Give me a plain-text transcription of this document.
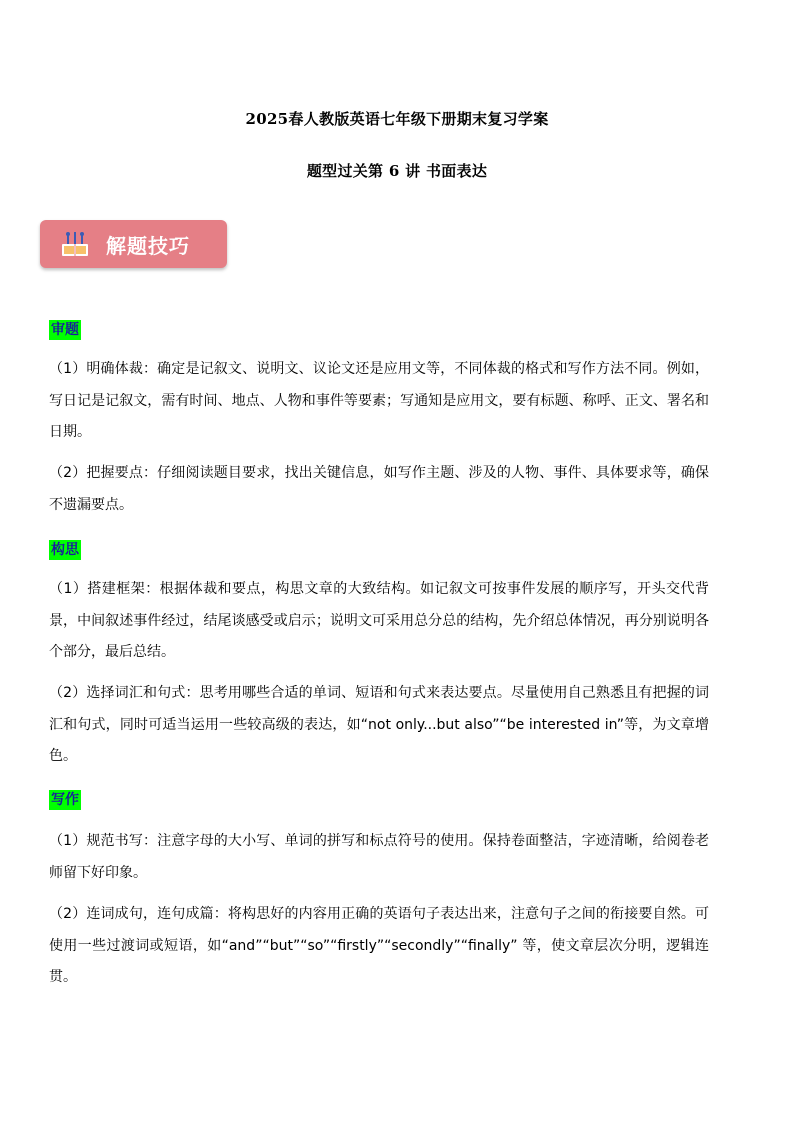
2025春人教版英语七年级下册期末复习学案
题型过关第 6 讲 书面表达
解题技巧
审题
（1）明确体裁：确定是记叙文、说明文、议论文还是应用文等，不同体裁的格式和写作方法不同。例如，写日记是记叙文，需有时间、地点、人物和事件等要素；写通知是应用文，要有标题、称呼、正文、署名和日期。
（2）把握要点：仔细阅读题目要求，找出关键信息，如写作主题、涉及的人物、事件、具体要求等，确保不遗漏要点。
构思
（1）搭建框架：根据体裁和要点，构思文章的大致结构。如记叙文可按事件发展的顺序写，开头交代背景，中间叙述事件经过，结尾谈感受或启示；说明文可采用总分总的结构，先介绍总体情况，再分别说明各个部分，最后总结。
（2）选择词汇和句式：思考用哪些合适的单词、短语和句式来表达要点。尽量使用自己熟悉且有把握的词汇和句式，同时可适当运用一些较高级的表达，如“not only...but also”“be interested in”等，为文章增色。
写作
（1）规范书写：注意字母的大小写、单词的拼写和标点符号的使用。保持卷面整洁，字迹清晰，给阅卷老师留下好印象。
（2）连词成句，连句成篇：将构思好的内容用正确的英语句子表达出来，注意句子之间的衔接要自然。可使用一些过渡词或短语，如“and”“but”“so”“firstly”“secondly”“finally” 等，使文章层次分明，逻辑连贯。
